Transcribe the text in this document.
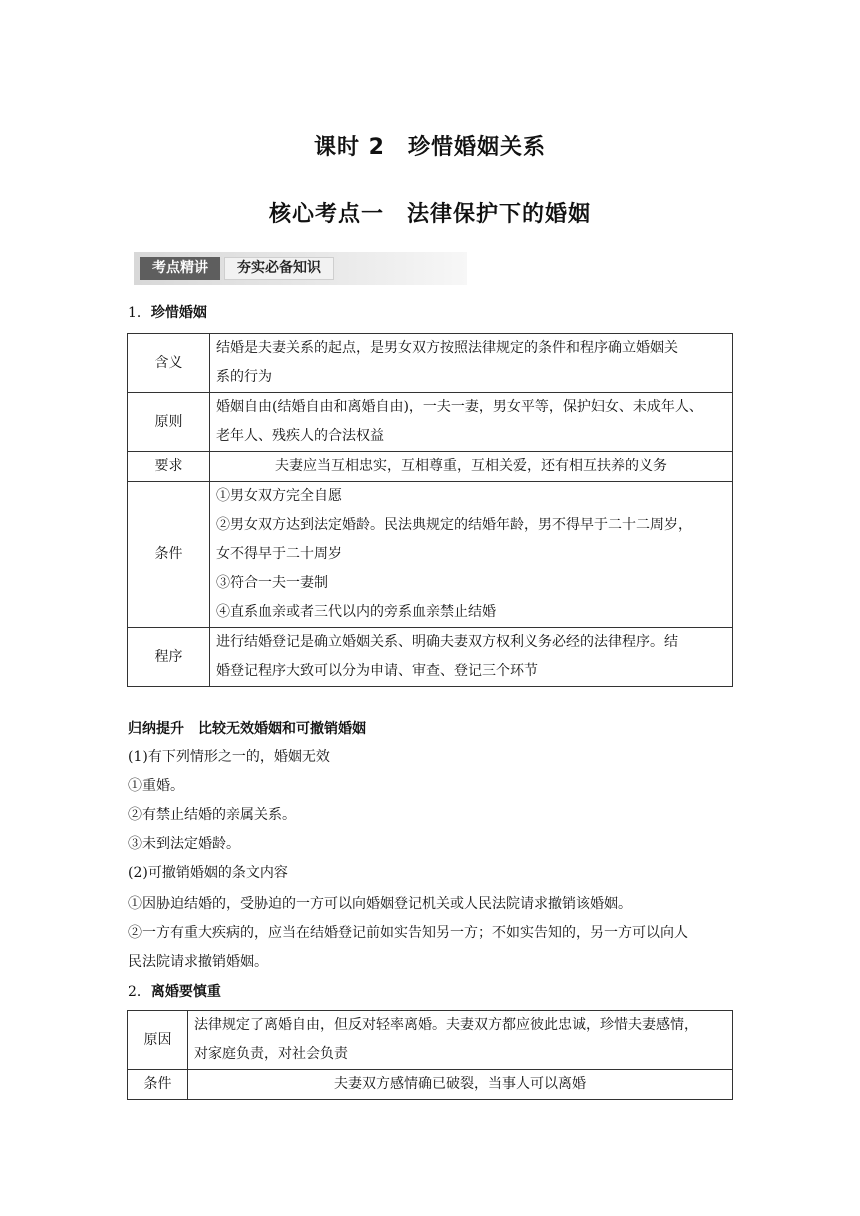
课时 2　珍惜婚姻关系
核心考点一　法律保护下的婚姻
考点精讲	夯实必备知识
1．珍惜婚姻
含义	结婚是夫妻关系的起点，是男女双方按照法律规定的条件和程序确立婚姻关
系的行为

原则	婚姻自由(结婚自由和离婚自由)，一夫一妻，男女平等，保护妇女、未成年人、
老年人、残疾人的合法权益

要求	夫妻应当互相忠实，互相尊重，互相关爱，还有相互扶养的义务

条件	①男女双方完全自愿
②男女双方达到法定婚龄。民法典规定的结婚年龄，男不得早于二十二周岁，
女不得早于二十周岁
③符合一夫一妻制
④直系血亲或者三代以内的旁系血亲禁止结婚

程序	进行结婚登记是确立婚姻关系、明确夫妻双方权利义务必经的法律程序。结
婚登记程序大致可以分为申请、审查、登记三个环节
归纳提升 比较无效婚姻和可撤销婚姻
(1)有下列情形之一的，婚姻无效
①重婚。
②有禁止结婚的亲属关系。
③未到法定婚龄。
(2)可撤销婚姻的条文内容
①因胁迫结婚的，受胁迫的一方可以向婚姻登记机关或人民法院请求撤销该婚姻。
②一方有重大疾病的，应当在结婚登记前如实告知另一方；不如实告知的，另一方可以向人
民法院请求撤销婚姻。
2．离婚要慎重
原因	法律规定了离婚自由，但反对轻率离婚。夫妻双方都应彼此忠诚，珍惜夫妻感情，
对家庭负责，对社会负责

条件	夫妻双方感情确已破裂，当事人可以离婚
